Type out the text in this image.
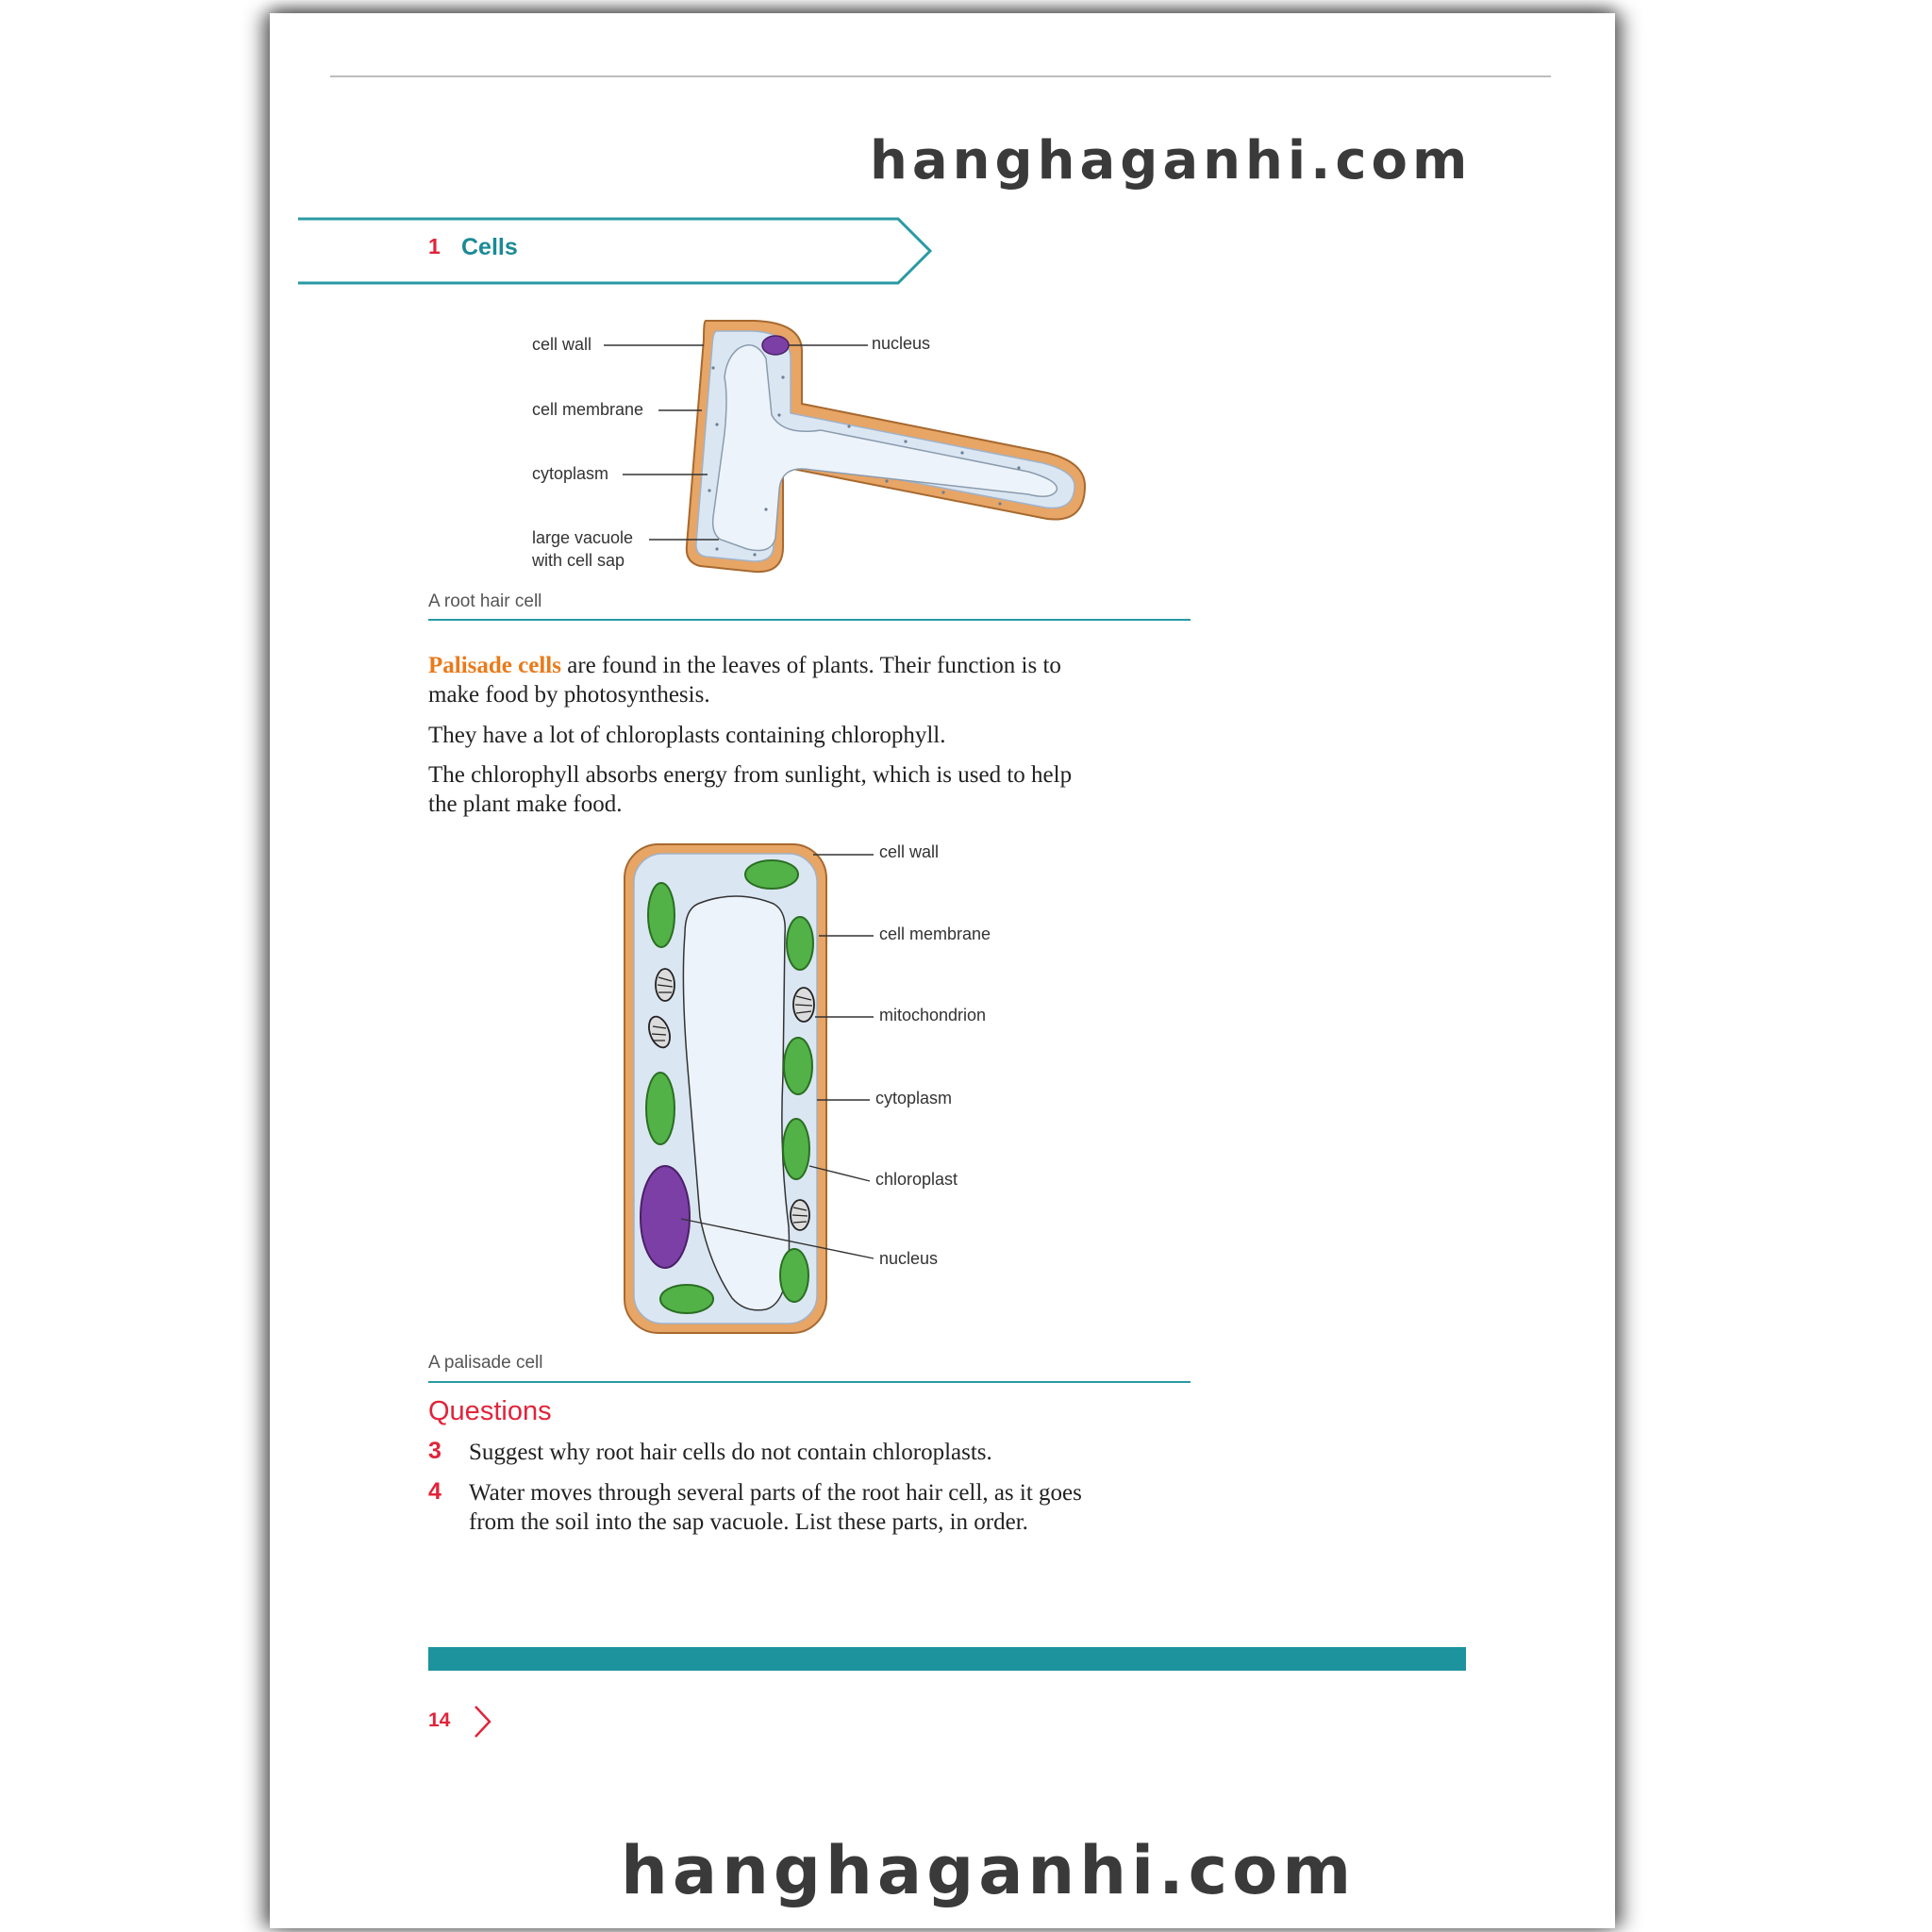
hanghaganhi.com
1 Cells
cell wall
cell membrane
cytoplasm
large vacuole
with cell sap
nucleus
A root hair cell
Palisade cells are found in the leaves of plants. Their function is to
make food by photosynthesis.
They have a lot of chloroplasts containing chlorophyll.
The chlorophyll absorbs energy from sunlight, which is used to help
the plant make food.
cell wall
cell membrane
mitochondrion
cytoplasm
chloroplast
nucleus
A palisade cell
Questions
3 Suggest why root hair cells do not contain chloroplasts.
4 Water moves through several parts of the root hair cell, as it goes
from the soil into the sap vacuole. List these parts, in order.
14
hanghaganhi.com
